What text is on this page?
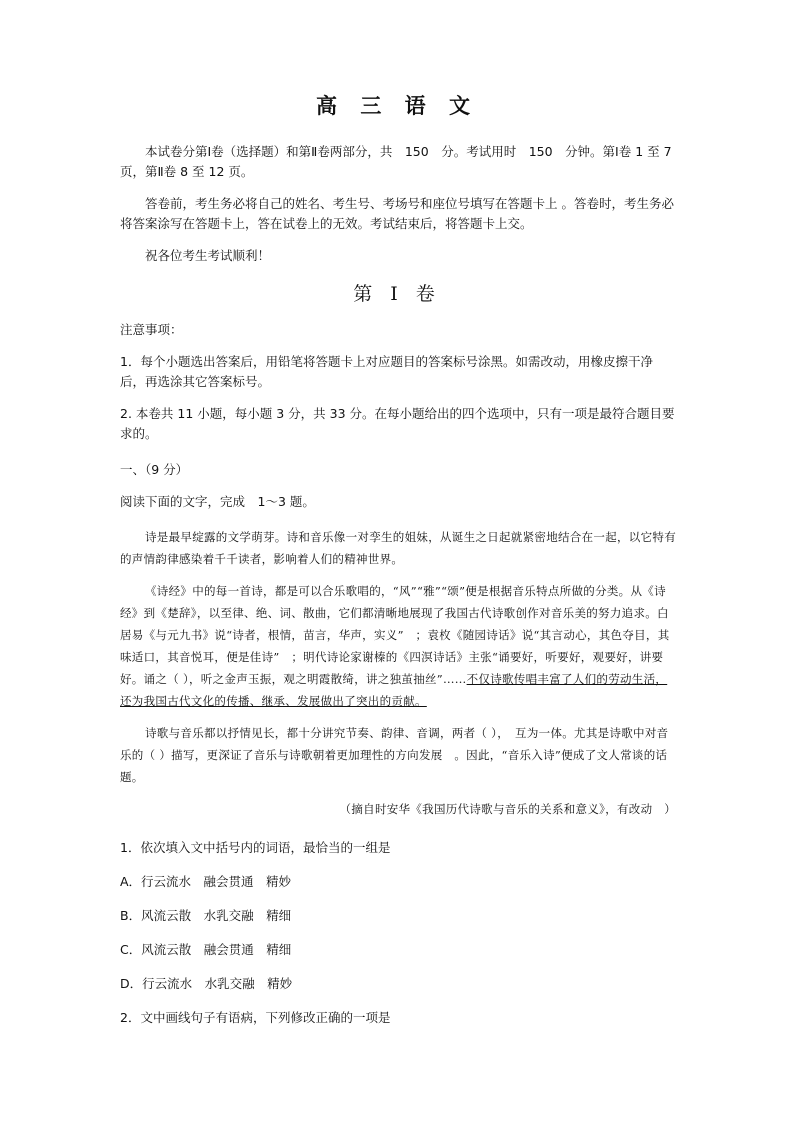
高 三 语 文

本试卷分第Ⅰ卷（选择题）和第Ⅱ卷两部分，共　150　分。考试用时　150　分钟。第Ⅰ卷 1 至 7 页，第Ⅱ卷 8 至 12 页。

答卷前，考生务必将自己的姓名、考生号、考场号和座位号填写在答题卡上 。答卷时，考生务必将答案涂写在答题卡上，答在试卷上的无效。考试结束后，将答题卡上交。

祝各位考生考试顺利！

第 Ⅰ 卷

注意事项：

1．每个小题选出答案后，用铅笔将答题卡上对应题目的答案标号涂黑。如需改动，用橡皮擦干净后，再选涂其它答案标号。

2. 本卷共 11 小题，每小题 3 分，共 33 分。在每小题给出的四个选项中，只有一项是最符合题目要求的。

一、（9 分）

阅读下面的文字，完成　1～3 题。

诗是最早绽露的文学萌芽。诗和音乐像一对孪生的姐妹，从诞生之日起就紧密地结合在一起，以它特有的声情韵律感染着千千读者，影响着人们的精神世界。

《诗经》中的每一首诗，都是可以合乐歌唱的，“风”“雅”“颂”便是根据音乐特点所做的分类。从《诗经》到《楚辞》，以至律、绝、词、散曲，它们都清晰地展现了我国古代诗歌创作对音乐美的努力追求。白居易《与元九书》说“诗者，根情，苗言，华声，实义”　；袁枚《随园诗话》说“其言动心，其色夺目，其味适口，其音悦耳，便是佳诗”　；明代诗论家谢榛的《四溟诗话》主张“诵要好，听要好，观要好，讲要好。诵之（ ），听之金声玉振，观之明霞散绮，讲之独茧抽丝”……不仅诗歌传唱丰富了人们的劳动生活，还为我国古代文化的传播、继承、发展做出了突出的贡献。

诗歌与音乐都以抒情见长，都十分讲究节奏、韵律、音调，两者（ ），　互为一体。尤其是诗歌中对音乐的（ ）描写，更深证了音乐与诗歌朝着更加理性的方向发展　。因此，“音乐入诗”便成了文人常谈的话题。

（摘自时安华《我国历代诗歌与音乐的关系和意义》，有改动　）

1．依次填入文中括号内的词语，最恰当的一组是

A．行云流水　融会贯通　精妙

B．风流云散　水乳交融　精细

C．风流云散　融会贯通　精细

D．行云流水　水乳交融　精妙

2．文中画线句子有语病，下列修改正确的一项是
